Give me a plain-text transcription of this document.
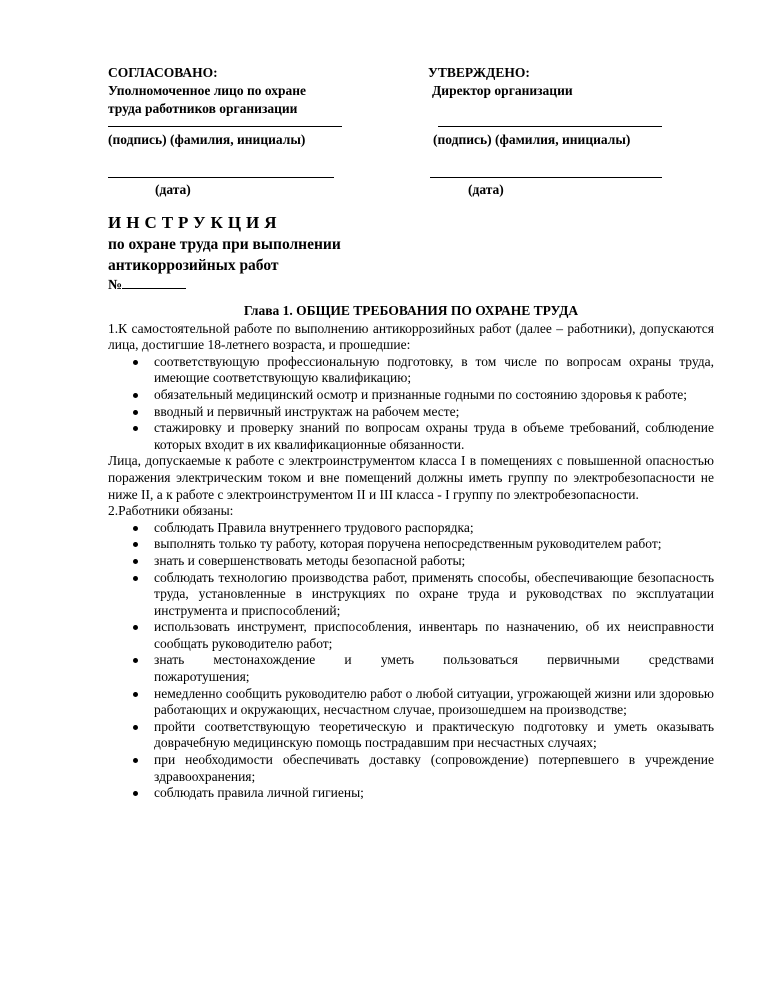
СОГЛАСОВАНО:
Уполномоченное лицо по охране
труда работников организации
УТВЕРЖДЕНО:
Директор организации
(подпись) (фамилия, инициалы)	(подпись) (фамилия, инициалы)
(дата)	(дата)
ИНСТРУКЦИЯ
по охране труда при выполнении
антикоррозийных работ
№
Глава 1. ОБЩИЕ ТРЕБОВАНИЯ ПО ОХРАНЕ ТРУДА

1.К самостоятельной работе по выполнению антикоррозийных работ (далее – работники), допускаются лица, достигшие 18-летнего возраста, и прошедшие:

соответствующую профессиональную подготовку, в том числе по вопросам охраны труда, имеющие соответствующую квалификацию;
обязательный медицинский осмотр и признанные годными по состоянию здоровья к работе;
вводный и первичный инструктаж на рабочем месте;
стажировку и проверку знаний по вопросам охраны труда в объеме требований, соблюдение которых входит в их квалификационные обязанности.

Лица, допускаемые к работе с электроинструментом класса I в помещениях с повышенной опасностью поражения электрическим током и вне помещений должны иметь группу по электробезопасности не ниже II, а к работе с электроинструментом II и III класса - I группу по электробезопасности.

2.Работники обязаны:

соблюдать Правила внутреннего трудового распорядка;
выполнять только ту работу, которая поручена непосредственным руководителем работ;
знать и совершенствовать методы безопасной работы;
соблюдать технологию производства работ, применять способы, обеспечивающие безопасность труда, установленные в инструкциях по охране труда и руководствах по эксплуатации инструмента и приспособлений;
использовать инструмент, приспособления, инвентарь по назначению, об их неисправности сообщать руководителю работ;
знать    местонахождение    и    уметь    пользоваться    первичными    средствами пожаротушения;
немедленно сообщить руководителю работ о любой ситуации, угрожающей жизни или здоровью работающих и окружающих, несчастном случае, произошедшем на производстве;
пройти соответствующую теоретическую и практическую подготовку и уметь оказывать доврачебную медицинскую помощь пострадавшим при несчастных случаях;
при необходимости обеспечивать доставку (сопровождение) потерпевшего в учреждение здравоохранения;
соблюдать правила личной гигиены;
